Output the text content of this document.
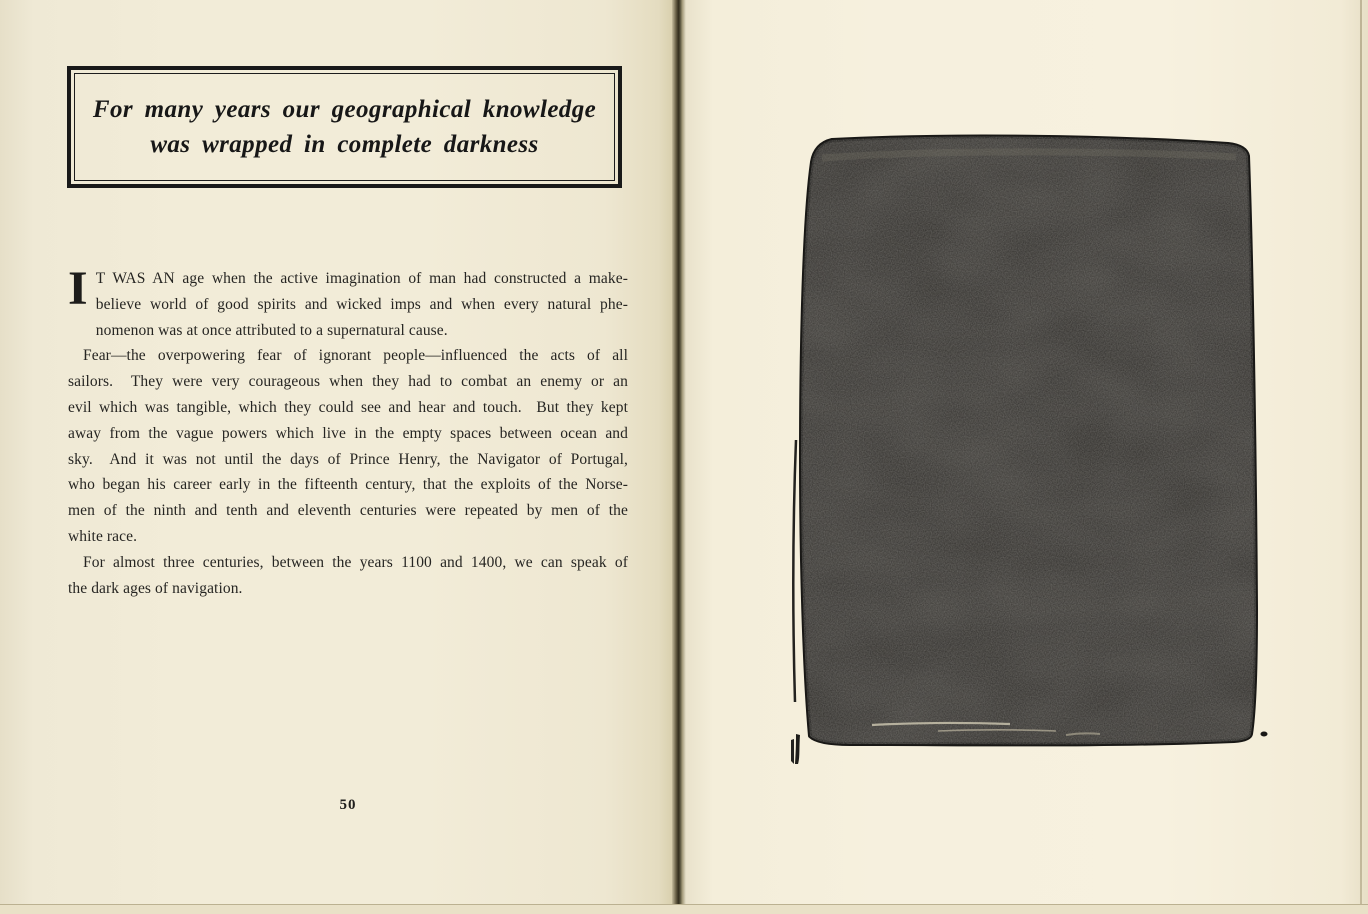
For many years our geographical knowledge
was wrapped in complete darkness

I T WAS AN age when the active imagination of man had constructed a make-
believe world of good spirits and wicked imps and when every natural phe-
nomenon was at once attributed to a supernatural cause.

Fear—the overpowering fear of ignorant people—influenced the acts of all
sailors.  They were very courageous when they had to combat an enemy or an
evil which was tangible, which they could see and hear and touch.  But they kept
away from the vague powers which live in the empty spaces between ocean and
sky.  And it was not until the days of Prince Henry, the Navigator of Portugal,
who began his career early in the fifteenth century, that the exploits of the Norse-
men of the ninth and tenth and eleventh centuries were repeated by men of the
white race.

For almost three centuries, between the years 1100 and 1400, we can speak of
the dark ages of navigation.

50
